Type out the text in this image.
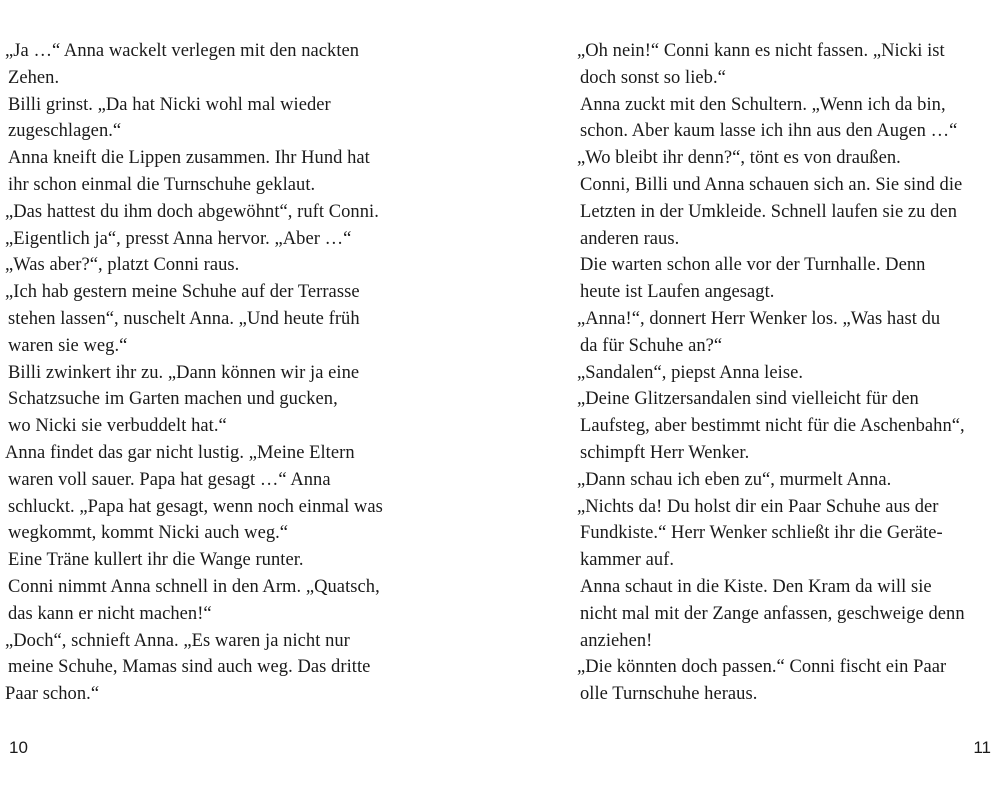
„Ja …“ Anna wackelt verlegen mit den nackten
Zehen.
Billi grinst. „Da hat Nicki wohl mal wieder
zugeschlagen.“
Anna kneift die Lippen zusammen. Ihr Hund hat
ihr schon einmal die Turnschuhe geklaut.
„Das hattest du ihm doch abgewöhnt“, ruft Conni.
„Eigentlich ja“, presst Anna hervor. „Aber …“
„Was aber?“, platzt Conni raus.
„Ich hab gestern meine Schuhe auf der Terrasse
stehen lassen“, nuschelt Anna. „Und heute früh
waren sie weg.“
Billi zwinkert ihr zu. „Dann können wir ja eine
Schatzsuche im Garten machen und gucken,
wo Nicki sie verbuddelt hat.“
Anna findet das gar nicht lustig. „Meine Eltern
waren voll sauer. Papa hat gesagt …“ Anna
schluckt. „Papa hat gesagt, wenn noch einmal was
wegkommt, kommt Nicki auch weg.“
Eine Träne kullert ihr die Wange runter.
Conni nimmt Anna schnell in den Arm. „Quatsch,
das kann er nicht machen!“
„Doch“, schnieft Anna. „Es waren ja nicht nur
meine Schuhe, Mamas sind auch weg. Das dritte
Paar schon.“
„Oh nein!“ Conni kann es nicht fassen. „Nicki ist
doch sonst so lieb.“
Anna zuckt mit den Schultern. „Wenn ich da bin,
schon. Aber kaum lasse ich ihn aus den Augen …“
„Wo bleibt ihr denn?“, tönt es von draußen.
Conni, Billi und Anna schauen sich an. Sie sind die
Letzten in der Umkleide. Schnell laufen sie zu den
anderen raus.
Die warten schon alle vor der Turnhalle. Denn
heute ist Laufen angesagt.
„Anna!“, donnert Herr Wenker los. „Was hast du
da für Schuhe an?“
„Sandalen“, piepst Anna leise.
„Deine Glitzersandalen sind vielleicht für den
Laufsteg, aber bestimmt nicht für die Aschenbahn“,
schimpft Herr Wenker.
„Dann schau ich eben zu“, murmelt Anna.
„Nichts da! Du holst dir ein Paar Schuhe aus der
Fundkiste.“ Herr Wenker schließt ihr die Geräte-
kammer auf.
Anna schaut in die Kiste. Den Kram da will sie
nicht mal mit der Zange anfassen, geschweige denn
anziehen!
„Die könnten doch passen.“ Conni fischt ein Paar
olle Turnschuhe heraus.
10	11
